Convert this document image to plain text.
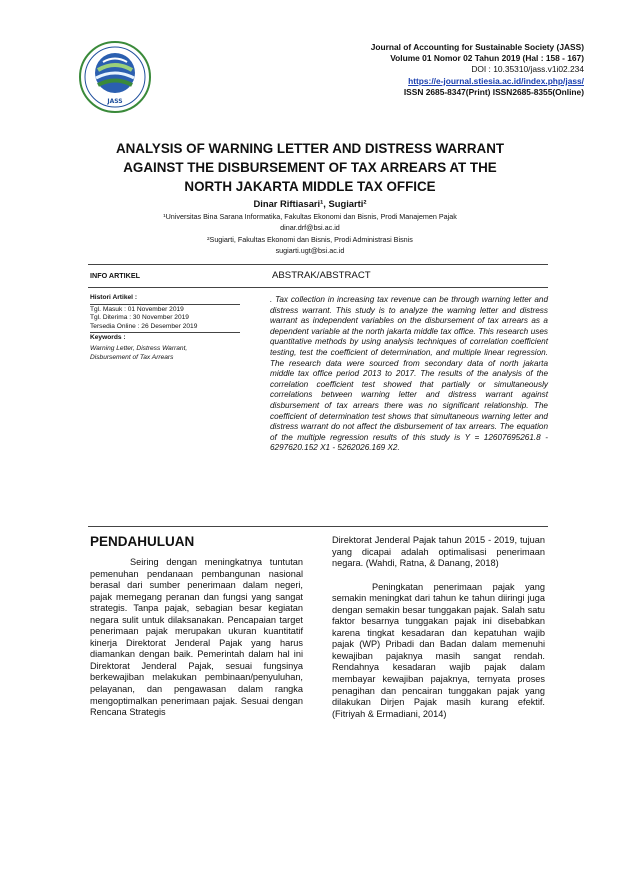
JASS
Journal of Accounting for Sustainable Society (JASS)
Volume 01 Nomor 02 Tahun 2019 (Hal : 158 - 167)
DOI : 10.35310/jass.v1i02.234
https://e-journal.stiesia.ac.id/index.php/jass/
ISSN 2685-8347(Print) ISSN2685-8355(Online)
ANALYSIS OF WARNING LETTER AND DISTRESS WARRANT
AGAINST THE DISBURSEMENT OF TAX ARREARS AT THE
NORTH JAKARTA MIDDLE TAX OFFICE
Dinar Riftiasari¹, Sugiarti²
¹Universitas Bina Sarana Informatika, Fakultas Ekonomi dan Bisnis, Prodi Manajemen Pajak
dinar.drf@bsi.ac.id
²Sugiarti, Fakultas Ekonomi dan Bisnis, Prodi Administrasi Bisnis
sugiarti.ugt@bsi.ac.id
INFO ARTIKEL	ABSTRAK/ABSTRACT
Histori Artikel :
Tgl. Masuk : 01 November 2019
Tgl. Diterima : 30 November 2019
Tersedia Online : 26 Desember 2019
Keywords :
Warning Letter, Distress Warrant,
Disbursement of Tax Arrears
. Tax collection in increasing tax revenue can be through warning letter and distress warrant. This study is to analyze the warning letter and distress warrant as independent variables on the disbursement of tax arrears as a dependent variable at the north jakarta middle tax office. This research uses quantitative methods by using analysis techniques of correlation coefficient testing, test the coefficient of determination, and multiple linear regression. The research data were sourced from secondary data of north jakarta middle tax office period 2013 to 2017. The results of the analysis of the correlation coefficient test showed that partially or simultaneously correlations between warning letter and distress warrant against disbursement of tax arrears there was no significant relationship. The coefficient of determination test shows that simultaneous warning letter and distress warrant do not affect the disbursement of tax arrears. The equation of the multiple regression results of this study is Y = 12607695261.8 - 6297620.152 X1 - 5262026.169 X2.
PENDAHULUAN

Seiring dengan meningkatnya tuntutan pemenuhan pendanaan pembangunan nasional berasal dari sumber penerimaan dalam negeri, pajak memegang peranan dan fungsi yang sangat strategis. Tanpa pajak, sebagian besar kegiatan negara sulit untuk dilaksanakan. Pencapaian target penerimaan pajak merupakan ukuran kuantitatif kinerja Direktorat Jenderal Pajak yang harus diamankan dengan baik. Pemerintah dalam hal ini Direktorat Jenderal Pajak, sesuai fungsinya berkewajiban melakukan pembinaan/penyuluhan, pelayanan, dan pengawasan dalam rangka mengoptimalkan penerimaan pajak. Sesuai dengan Rencana Strategis

Direktorat Jenderal Pajak tahun 2015 - 2019, tujuan yang dicapai adalah optimalisasi penerimaan negara. (Wahdi, Ratna, & Danang, 2018)

Peningkatan penerimaan pajak yang semakin meningkat dari tahun ke tahun diiringi juga dengan semakin besar tunggakan pajak. Salah satu faktor besarnya tunggakan pajak ini disebabkan karena tingkat kesadaran dan kepatuhan wajib pajak (WP) Pribadi dan Badan dalam memenuhi kewajiban pajaknya masih sangat rendah. Rendahnya kesadaran wajib pajak dalam membayar kewajiban pajaknya, ternyata proses penagihan dan pencairan tunggakan pajak yang dilakukan Dirjen Pajak masih kurang efektif. (Fitriyah & Ermadiani, 2014)
